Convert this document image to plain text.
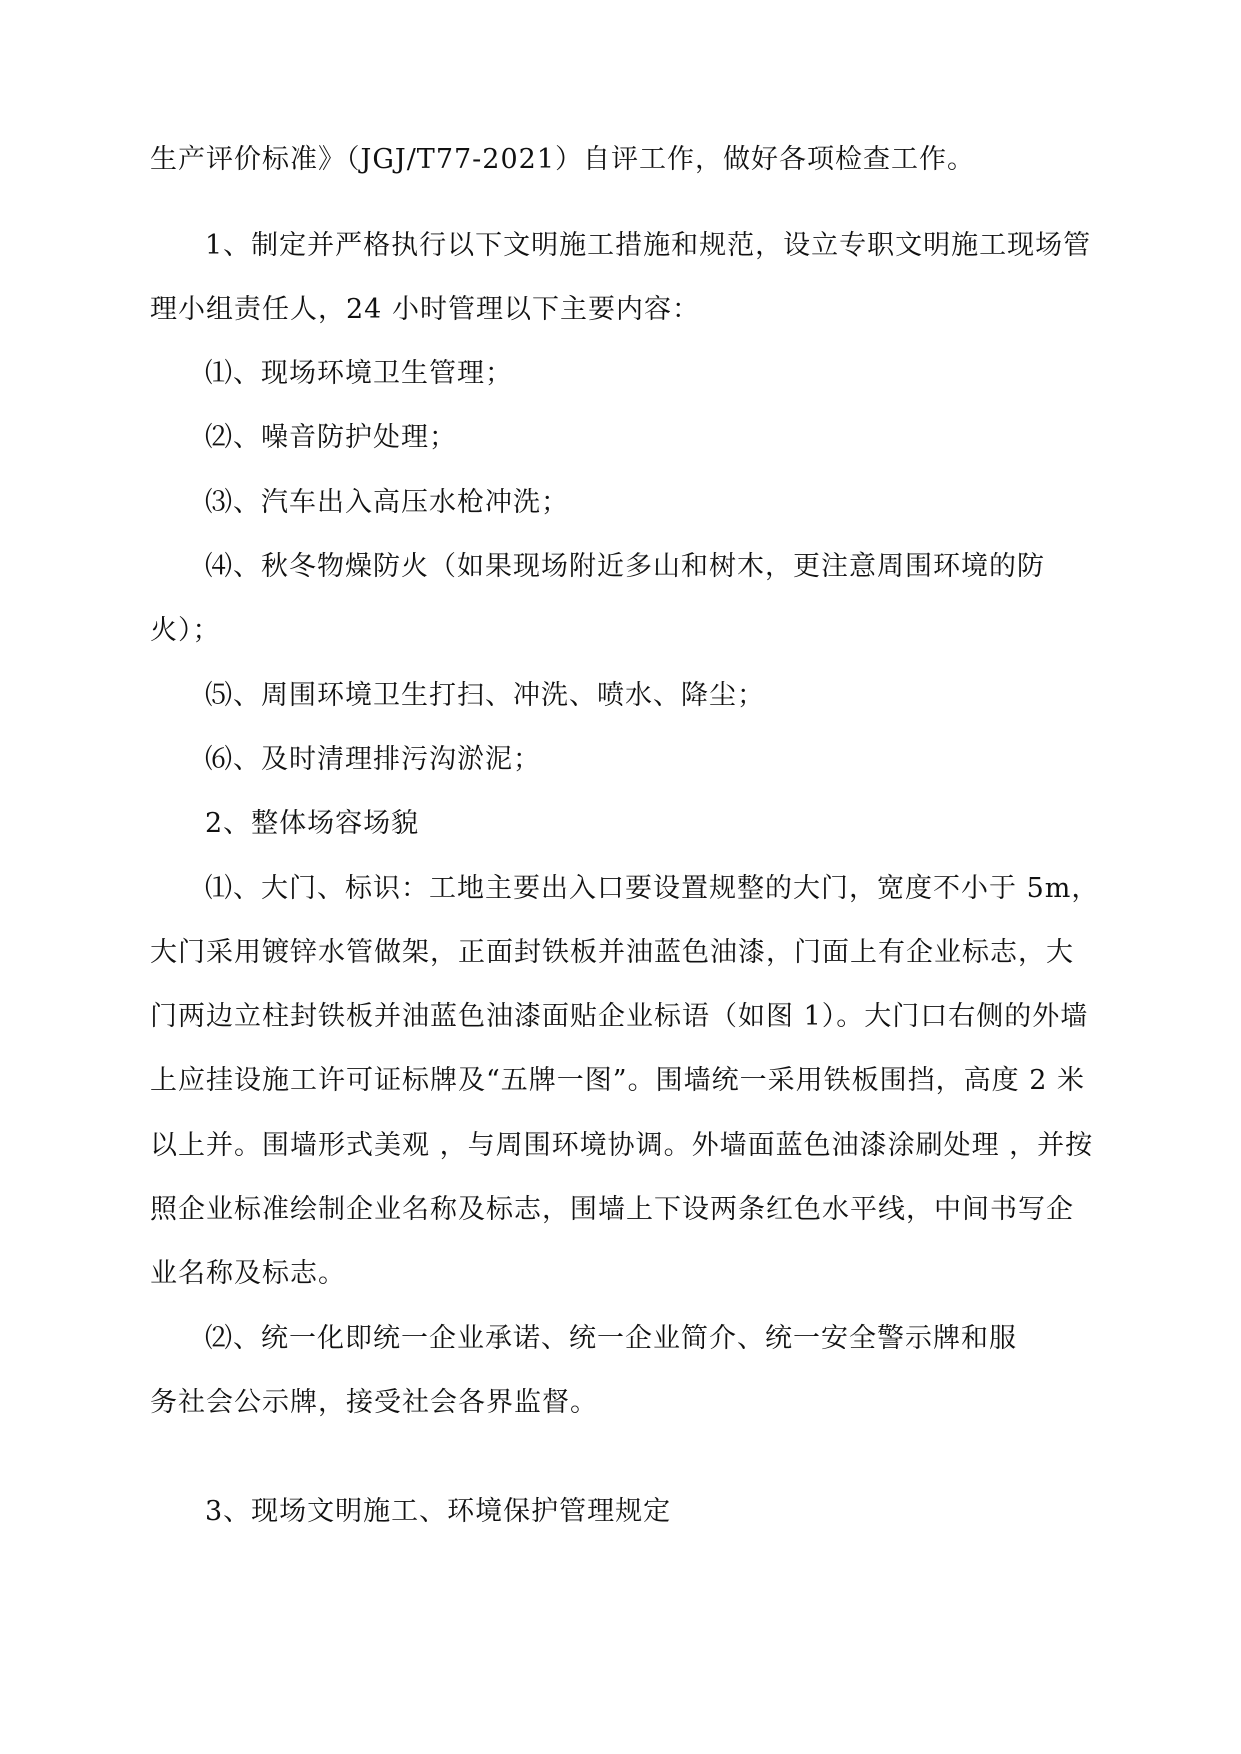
生产评价标准》（JGJ/T77-2021）自评工作，做好各项检查工作。
1、制定并严格执行以下文明施工措施和规范，设立专职文明施工现场管
理小组责任人，24 小时管理以下主要内容：
⑴、现场环境卫生管理；
⑵、噪音防护处理；
⑶、汽车出入高压水枪冲洗；
⑷、秋冬物燥防火（如果现场附近多山和树木，更注意周围环境的防
火）；
⑸、周围环境卫生打扫、冲洗、喷水、降尘；
⑹、及时清理排污沟淤泥；
2、整体场容场貌
⑴、大门、标识：工地主要出入口要设置规整的大门，宽度不小于 5m，
大门采用镀锌水管做架，正面封铁板并油蓝色油漆，门面上有企业标志，大
门两边立柱封铁板并油蓝色油漆面贴企业标语（如图 1）。大门口右侧的外墙
上应挂设施工许可证标牌及“五牌一图”。围墙统一采用铁板围挡，高度 2 米
以上并。围墙形式美观 ，与周围环境协调。外墙面蓝色油漆涂刷处理 ，并按
照企业标准绘制企业名称及标志，围墙上下设两条红色水平线，中间书写企
业名称及标志。
⑵、统一化即统一企业承诺、统一企业简介、统一安全警示牌和服
务社会公示牌，接受社会各界监督。
3、现场文明施工、环境保护管理规定
